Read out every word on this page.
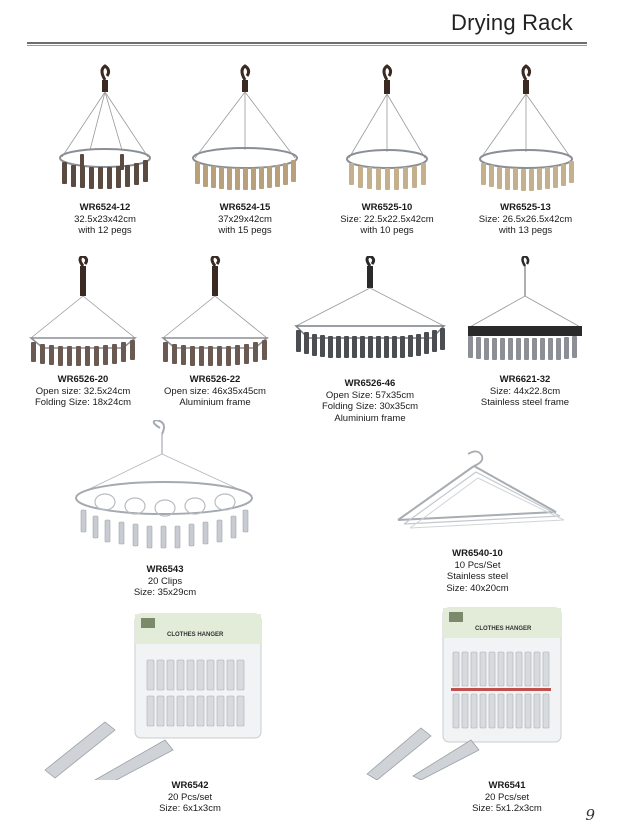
Drying Rack
WR6524-12
32.5x23x42cm
with 12 pegs
WR6524-15
37x29x42cm
with 15 pegs
WR6525-10
Size: 22.5x22.5x42cm
with 10 pegs
WR6525-13
Size: 26.5x26.5x42cm
with 13 pegs
WR6526-20
Open size: 32.5x24cm
Folding Size: 18x24cm
WR6526-22
Open size: 46x35x45cm
Aluminium frame
WR6526-46
Open Size: 57x35cm
Folding Size: 30x35cm
Aluminium frame
WR6621-32
Size: 44x22.8cm
Stainless steel frame
WR6543
20 Clips
Size: 35x29cm
WR6540-10
10 Pcs/Set
Stainless steel
Size: 40x20cm
CLOTHES HANGER
WR6542
20 Pcs/set
Size: 6x1x3cm
CLOTHES HANGER
WR6541
20 Pcs/set
Size: 5x1.2x3cm	9
